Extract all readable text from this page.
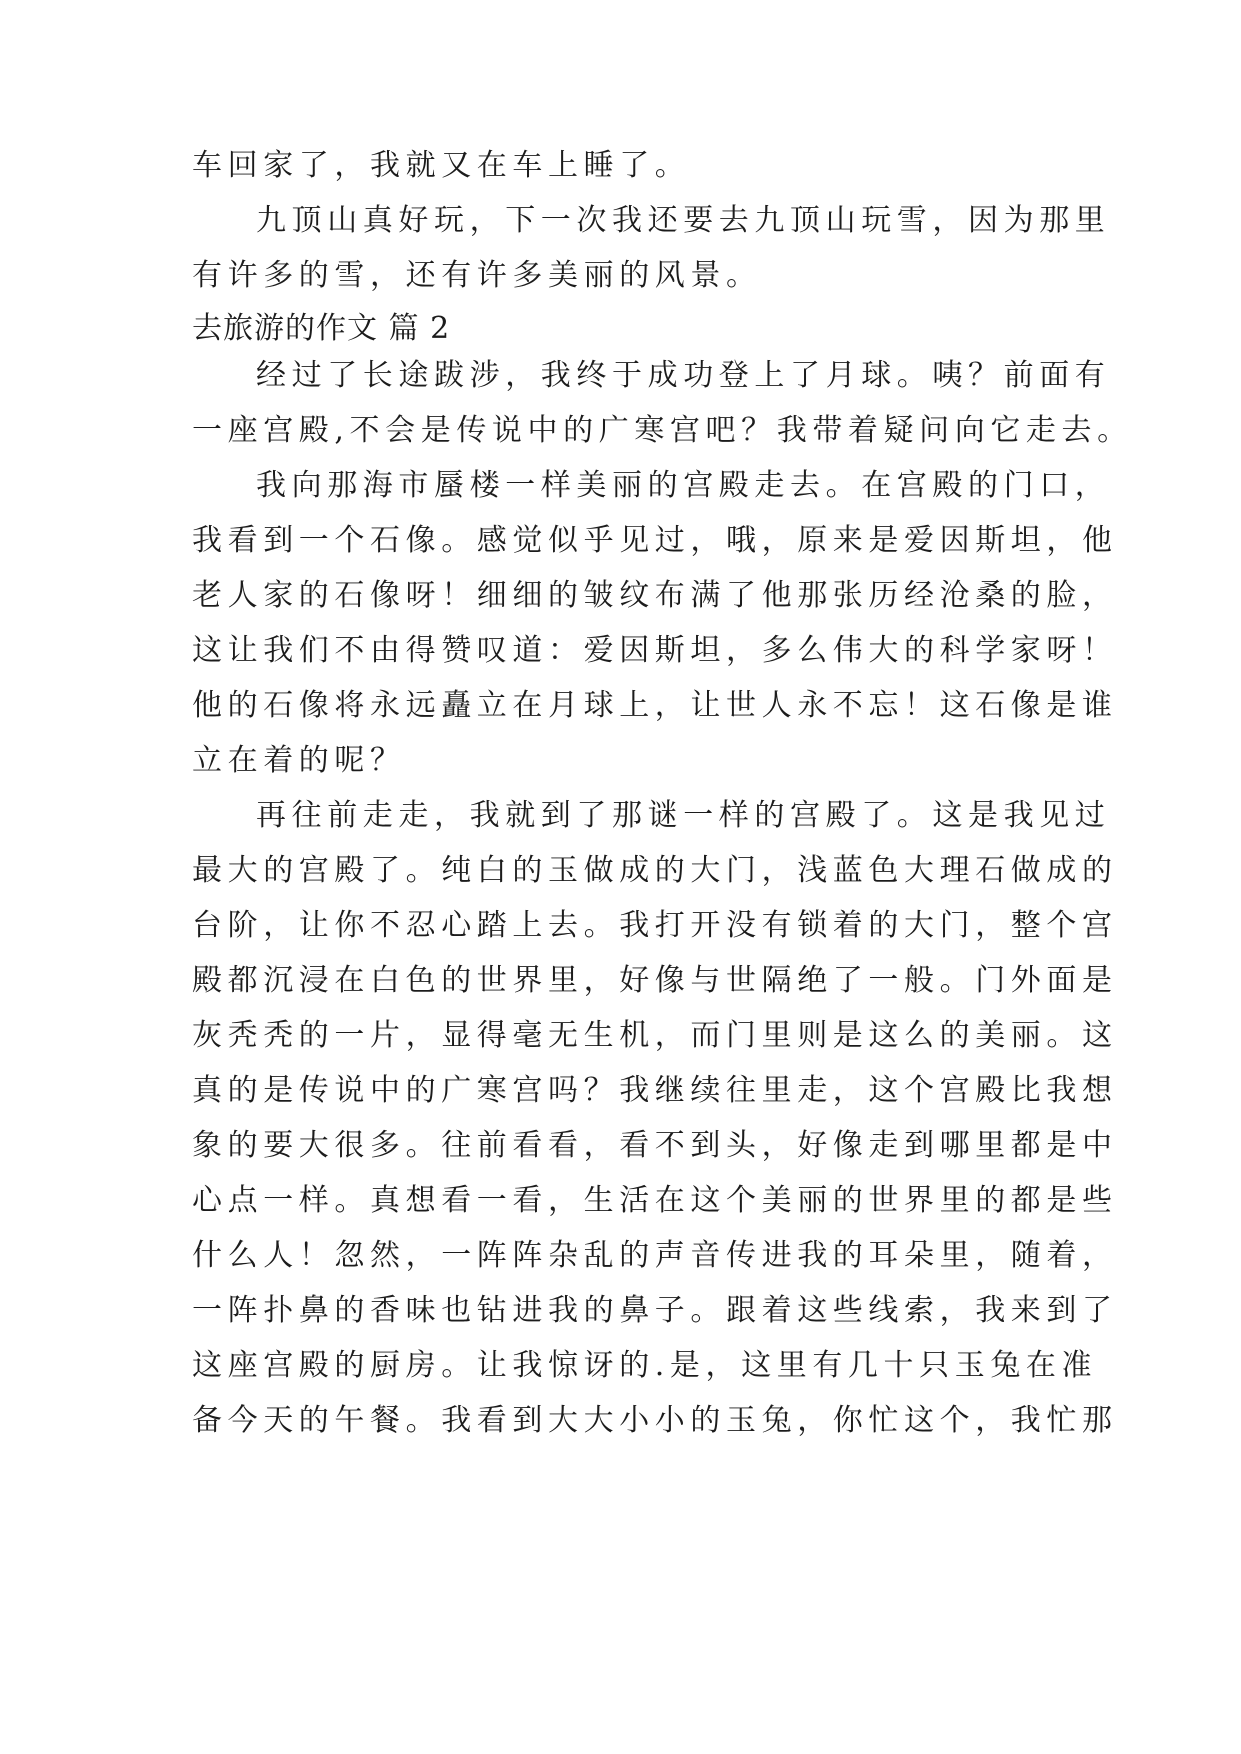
车回家了，我就又在车上睡了。
九顶山真好玩，下一次我还要去九顶山玩雪，因为那里
有许多的雪，还有许多美丽的风景。
去旅游的作文 篇 2
经过了长途跋涉，我终于成功登上了月球。咦？前面有
一座宫殿,不会是传说中的广寒宫吧？我带着疑问向它走去。
我向那海市蜃楼一样美丽的宫殿走去。在宫殿的门口，
我看到一个石像。感觉似乎见过，哦，原来是爱因斯坦，他
老人家的石像呀！细细的皱纹布满了他那张历经沧桑的脸，
这让我们不由得赞叹道：爱因斯坦，多么伟大的科学家呀！
他的石像将永远矗立在月球上，让世人永不忘！这石像是谁
立在着的呢？
再往前走走，我就到了那谜一样的宫殿了。这是我见过
最大的宫殿了。纯白的玉做成的大门，浅蓝色大理石做成的
台阶，让你不忍心踏上去。我打开没有锁着的大门，整个宫
殿都沉浸在白色的世界里，好像与世隔绝了一般。门外面是
灰秃秃的一片，显得毫无生机，而门里则是这么的美丽。这
真的是传说中的广寒宫吗？我继续往里走，这个宫殿比我想
象的要大很多。往前看看，看不到头，好像走到哪里都是中
心点一样。真想看一看，生活在这个美丽的世界里的都是些
什么人！忽然，一阵阵杂乱的声音传进我的耳朵里，随着，
一阵扑鼻的香味也钻进我的鼻子。跟着这些线索，我来到了
这座宫殿的厨房。让我惊讶的.是，这里有几十只玉兔在准
备今天的午餐。我看到大大小小的玉兔，你忙这个，我忙那
